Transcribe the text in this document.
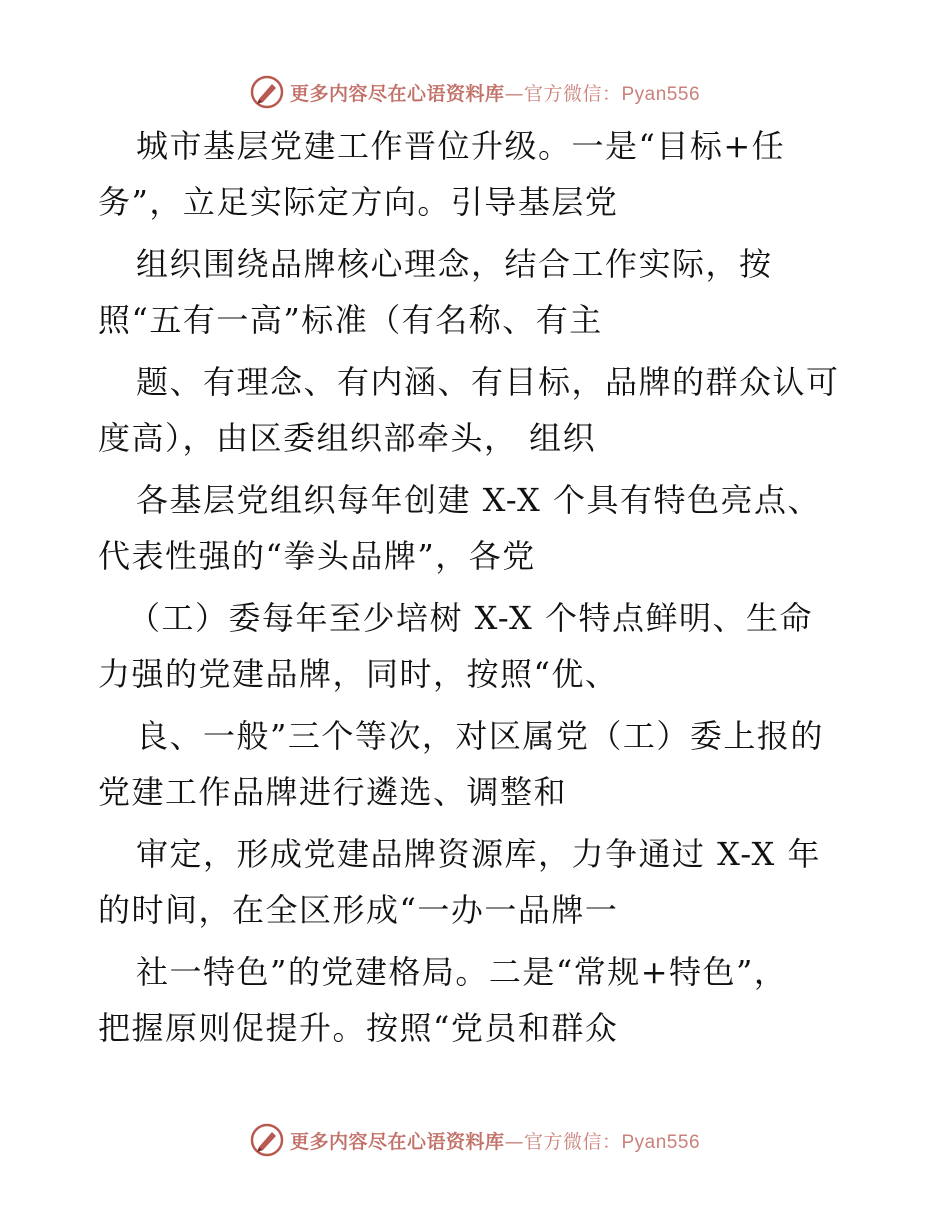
更多内容尽在心语资料库—官方微信：Pyan556
城市基层党建工作晋位升级。一是“目标+任
务”，立足实际定方向。引导基层党
组织围绕品牌核心理念，结合工作实际，按
照“五有一高”标准（有名称、有主
题、有理念、有内涵、有目标，品牌的群众认可
度高），由区委组织部牵头， 组织
各基层党组织每年创建 X-X 个具有特色亮点、
代表性强的“拳头品牌”，各党
（工）委每年至少培树 X-X 个特点鲜明、生命
力强的党建品牌，同时，按照“优、
良、一般”三个等次，对区属党（工）委上报的
党建工作品牌进行遴选、调整和
审定，形成党建品牌资源库，力争通过 X-X 年
的时间，在全区形成“一办一品牌一
社一特色”的党建格局。二是“常规+特色”，
把握原则促提升。按照“党员和群众
更多内容尽在心语资料库—官方微信：Pyan556
